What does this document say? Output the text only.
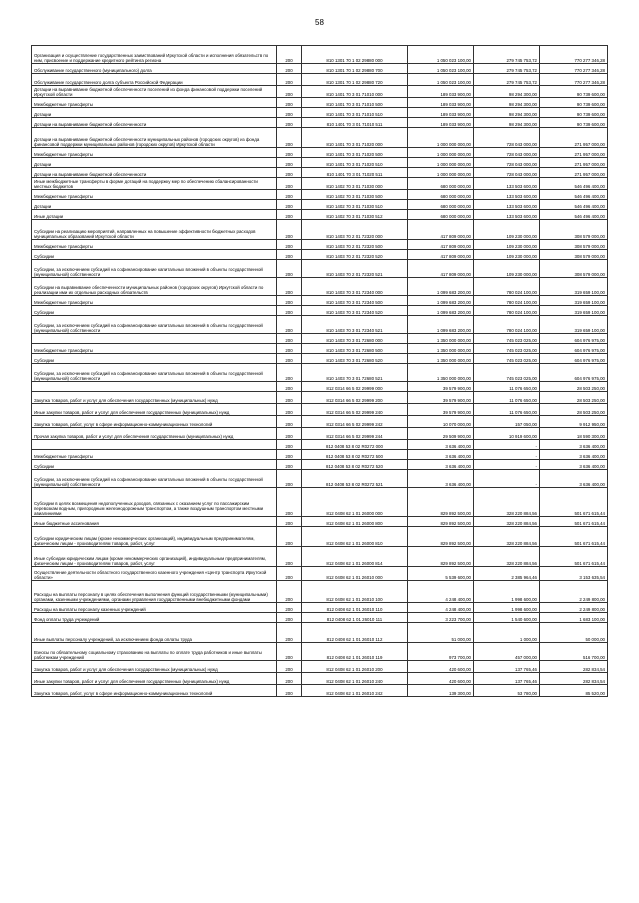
58
Организация и осуществление государственных заимствований Иркутской области и исполнения обязательств по ним, присвоение и поддержание кредитного рейтинга региона	200	810 1301 70 1 02 29880 000	1 050 023 100,00	279 745 753,72	770 277 346,28
Обслуживание государственного (муниципального) долга	200	810 1301 70 1 02 29880 700	1 050 023 100,00	279 745 753,72	770 277 346,28
Обслуживание государственного долга субъекта Российской Федерации	200	810 1301 70 1 02 29880 720	1 050 023 100,00	279 745 753,72	770 277 346,28
Дотации на выравнивание бюджетной обеспеченности поселений из фонда финансовой поддержки поселений Иркутской области	200	810 1401 70 3 01 71010 000	189 033 900,00	98 294 300,00	90 739 600,00
Межбюджетные трансферты	200	810 1401 70 3 01 71010 500	189 033 900,00	98 294 300,00	90 739 600,00
Дотации	200	810 1401 70 3 01 71010 510	189 033 900,00	98 294 300,00	90 739 600,00
Дотации на выравнивание бюджетной обеспеченности	200	810 1401 70 3 01 71010 511	189 033 900,00	98 294 300,00	90 739 600,00
Дотации на выравнивание бюджетной обеспеченности муниципальных районов (городских округов) из фонда финансовой поддержки муниципальных районов (городских округов) Иркутской области	200	810 1401 70 3 01 71020 000	1 000 000 000,00	728 043 000,00	271 957 000,00
Межбюджетные трансферты	200	810 1401 70 3 01 71020 500	1 000 000 000,00	728 043 000,00	271 957 000,00
Дотации	200	810 1401 70 3 01 71020 510	1 000 000 000,00	728 043 000,00	271 957 000,00
Дотации на выравнивание бюджетной обеспеченности	200	810 1401 70 3 01 71020 511	1 000 000 000,00	728 043 000,00	271 957 000,00
Иные межбюджетные трансферты в форме дотаций на поддержку мер по обеспечению сбалансированности местных бюджетов	200	810 1402 70 3 01 71030 000	680 000 000,00	133 503 600,00	546 496 400,00
Межбюджетные трансферты	200	810 1402 70 3 01 71030 500	680 000 000,00	133 503 600,00	546 496 400,00
Дотации	200	810 1402 70 3 01 71030 510	680 000 000,00	133 503 600,00	546 496 400,00
Иные дотации	200	810 1402 70 3 01 71030 512	680 000 000,00	133 503 600,00	546 496 400,00
Субсидии на реализацию мероприятий, направленных на повышение эффективности бюджетных расходов муниципальных образований Иркутской области	200	810 1403 70 2 01 72320 000	417 809 000,00	109 230 000,00	308 579 000,00
Межбюджетные трансферты	200	810 1403 70 2 01 72320 500	417 809 000,00	109 230 000,00	308 579 000,00
Субсидии	200	810 1403 70 2 01 72320 520	417 809 000,00	109 230 000,00	308 579 000,00
Субсидии, за исключением субсидий на софинансирование капитальных вложений в объекты государственной (муниципальной) собственности	200	810 1403 70 2 01 72320 521	417 809 000,00	109 230 000,00	308 579 000,00
Субсидии на выравнивание обеспеченности муниципальных районов (городских округов) Иркутской области по реализации ими их отдельных расходных обязательств	200	810 1403 70 3 01 72340 000	1 099 683 200,00	780 024 100,00	319 659 100,00
Межбюджетные трансферты	200	810 1403 70 3 01 72340 500	1 099 683 200,00	780 024 100,00	319 659 100,00
Субсидии	200	810 1403 70 3 01 72340 520	1 099 683 200,00	780 024 100,00	319 659 100,00
Субсидии, за исключением субсидий на софинансирование капитальных вложений в объекты государственной (муниципальной) собственности	200	810 1403 70 3 01 72340 521	1 099 683 200,00	780 024 100,00	319 659 100,00
	200	810 1403 70 3 01 72680 000	1 350 000 000,00	745 023 025,00	604 976 975,00
Межбюджетные трансферты	200	810 1403 70 3 01 72680 500	1 350 000 000,00	745 023 025,00	604 976 975,00
Субсидии	200	810 1403 70 3 01 72680 520	1 350 000 000,00	745 023 025,00	604 976 975,00
Субсидии, за исключением субсидий на софинансирование капитальных вложений в объекты государственной (муниципальной) собственности	200	810 1403 70 3 01 72680 521	1 350 000 000,00	745 023 025,00	604 976 975,00
	200	812 0314 66 5 02 29999 000	39 579 900,00	11 076 650,00	28 503 250,00
Закупка товаров, работ и услуг для обеспечения государственных (муниципальных) нужд	200	812 0314 66 5 02 29999 200	39 579 900,00	11 076 650,00	28 503 250,00
Иные закупки товаров, работ и услуг для обеспечения государственных (муниципальных) нужд	200	812 0314 66 5 02 29999 240	39 579 900,00	11 076 650,00	28 503 250,00
Закупка товаров, работ, услуг в сфере информационно-коммуникационных технологий	200	812 0314 66 5 02 29999 242	10 070 000,00	157 050,00	9 912 950,00
Прочая закупка товаров, работ и услуг для обеспечения государственных (муниципальных) нужд	200	812 0314 66 5 02 29999 244	29 509 900,00	10 919 600,00	18 590 300,00
	200	812 0408 53 8 02 R0272 000	3 636 400,00	-	3 636 400,00
Межбюджетные трансферты	200	812 0408 53 8 02 R0272 500	3 636 400,00	-	3 636 400,00
Субсидии	200	812 0408 53 8 02 R0272 520	3 636 400,00	-	3 636 400,00
Субсидии, за исключением субсидий на софинансирование капитальных вложений в объекты государственной (муниципальной) собственности	200	812 0408 53 8 02 R0272 521	3 636 400,00	-	3 636 400,00
Субсидии в целях возмещения недополученных доходов, связанных с оказанием услуг по пассажирским перевозкам водным, пригородным железнодорожным транспортом, а также воздушным транспортом местными авиалиниями	200	812 0408 62 1 01 26000 000	829 892 500,00	328 220 884,56	501 671 615,44
Иные бюджетные ассигнования	200	812 0408 62 1 01 26000 800	829 892 500,00	328 220 884,56	501 671 615,44
Субсидии юридическим лицам (кроме некоммерческих организаций), индивидуальным предпринимателям, физическим лицам - производителям товаров, работ, услуг	200	812 0408 62 1 01 26000 810	829 892 500,00	328 220 884,56	501 671 615,44
Иные субсидии юридическим лицам (кроме некоммерческих организаций), индивидуальным предпринимателям, физическим лицам - производителям товаров, работ, услуг	200	812 0408 62 1 01 26000 814	829 892 500,00	328 220 884,56	501 671 615,44
Осуществление деятельности областного государственного казенного учреждения «Центр транспорта Иркутской области»	200	812 0408 62 1 01 26010 000	5 539 600,00	2 385 964,46	3 153 635,54
Расходы на выплаты персоналу в целях обеспечения выполнения функций государственными (муниципальными) органами, казенными учреждениями, органами управления государственными внебюджетными фондами	200	812 0408 62 1 01 26010 100	4 248 400,00	1 998 600,00	2 249 800,00
Расходы на выплаты персоналу казенных учреждений	200	812 0408 62 1 01 26010 110	4 248 400,00	1 998 600,00	2 249 800,00
Фонд оплаты труда учреждений	200	812 0408 62 1 01 26010 111	3 223 700,00	1 540 600,00	1 683 100,00
Иные выплаты персоналу учреждений, за исключением фонда оплаты труда	200	812 0408 62 1 01 26010 112	51 000,00	1 000,00	50 000,00
Взносы по обязательному социальному страхованию на выплаты по оплате труда работников и иные выплаты работникам учреждений	200	812 0408 62 1 01 26010 119	973 700,00	457 000,00	516 700,00
Закупка товаров, работ и услуг для обеспечения государственных (муниципальных) нужд	200	812 0408 62 1 01 26010 200	420 600,00	137 765,46	282 834,54
Иные закупки товаров, работ и услуг для обеспечения государственных (муниципальных) нужд	200	812 0408 62 1 01 26010 240	420 600,00	137 765,46	282 834,54
Закупка товаров, работ, услуг в сфере информационно-коммуникационных технологий	200	812 0408 62 1 01 26010 242	139 300,00	53 780,00	85 520,00
